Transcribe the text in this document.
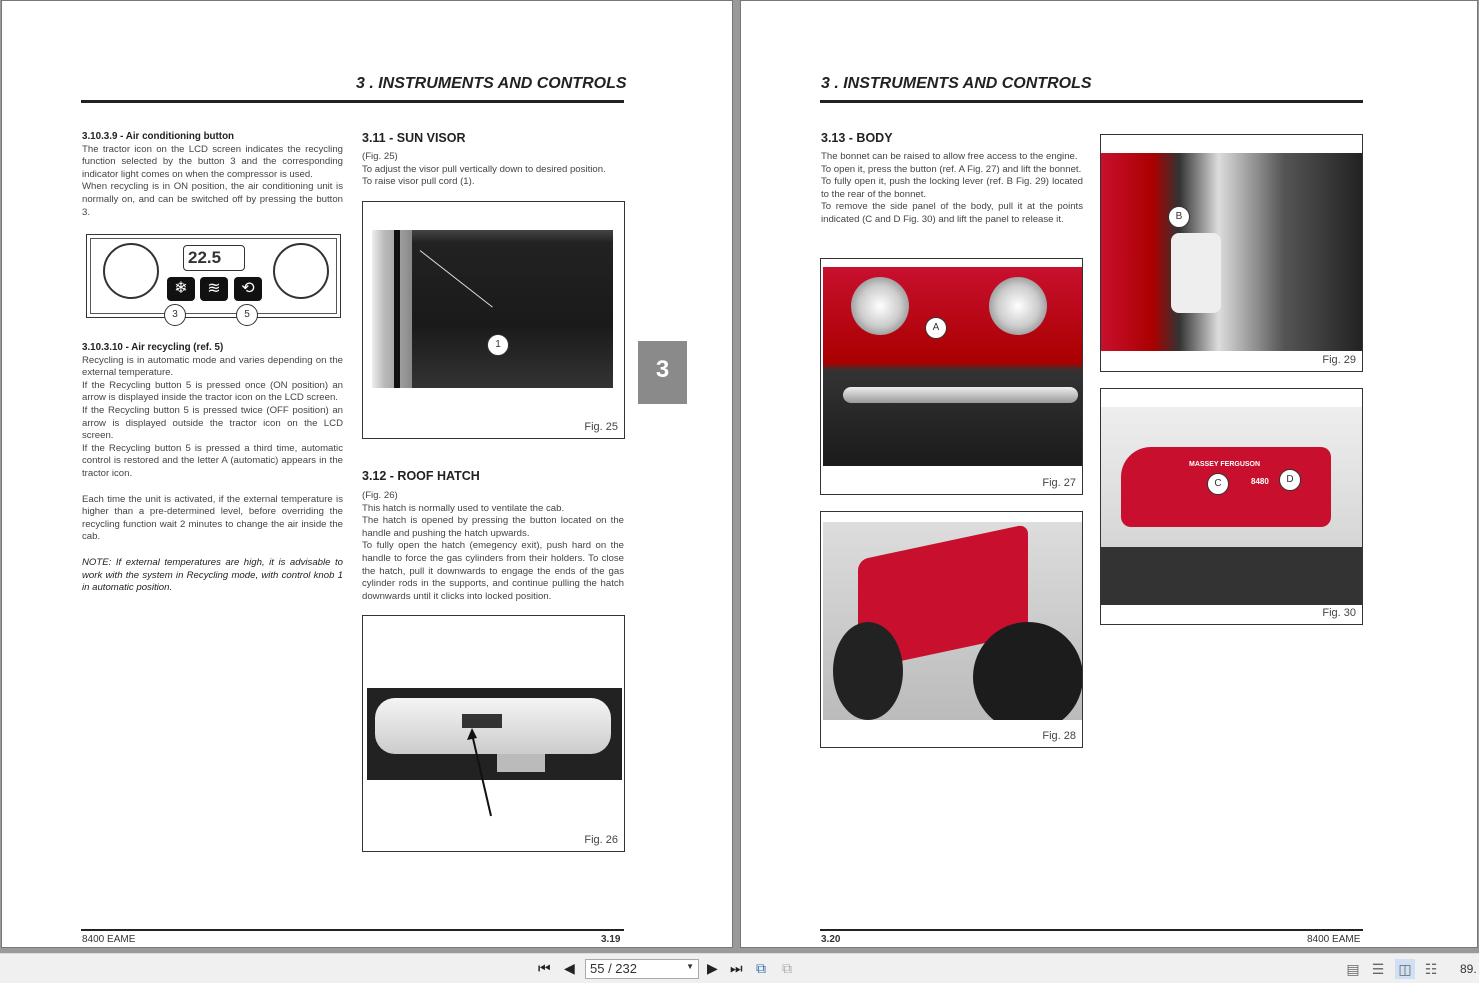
3 . INSTRUMENTS AND CONTROLS

3.10.3.9 - Air conditioning button

The tractor icon on the LCD screen indicates the recycling function selected by the button 3 and the corresponding indicator light comes on when the compressor is used.

When recycling is in ON position, the air conditioning unit is normally on, and can be switched off by pressing the button 3.

22.5
❄	≋	⟲
3	5

3.10.3.10 - Air recycling (ref. 5)

Recycling is in automatic mode and varies depending on the external temperature.

If the Recycling button 5 is pressed once (ON position) an arrow is displayed inside the tractor icon on the LCD screen.

If the Recycling button 5 is pressed twice (OFF position) an arrow is displayed outside the tractor icon on the LCD screen.

If the Recycling button 5 is pressed a third time, automatic control is restored and the letter A (automatic) appears in the tractor icon.

Each time the unit is activated, if the external temperature is higher than a pre-determined level, before overriding the recycling function wait 2 minutes to change the air inside the cab.

NOTE: If external temperatures are high, it is advisable to work with the system in Recycling mode, with control knob 1 in automatic position.

3.11 - SUN VISOR

(Fig. 25)

To adjust the visor pull vertically down to desired position.

To raise visor pull cord (1).

1
Fig. 25
3.12 - ROOF HATCH

(Fig. 26)

This hatch is normally used to ventilate the cab.

The hatch is opened by pressing the button located on the handle and pushing the hatch upwards.

To fully open the hatch (emegency exit), push hard on the handle to force the gas cylinders from their holders. To close the hatch, pull it downwards to engage the ends of the gas cylinder rods in the supports, and continue pulling the hatch downwards until it clicks into locked position.

Fig. 26
3
8400 EAME	3.19
3 . INSTRUMENTS AND CONTROLS
3.13 - BODY

The bonnet can be raised to allow free access to the engine.

To open it, press the button (ref. A Fig. 27) and lift the bonnet.

To fully open it, push the locking lever (ref. B Fig. 29) located to the rear of the bonnet.

To remove the side panel of the body, pull it at the points indicated (C and D Fig. 30) and lift the panel to release it.

A
Fig. 27
Fig. 28
B
Fig. 29
MASSEY FERGUSON
8480
C	D
Fig. 30
3.20	8400 EAME
⏮ ◀	55 / 232	▼ ▶ ⏭ ⧉ ⧉	▤ ☰ ◫ ☷	89.
